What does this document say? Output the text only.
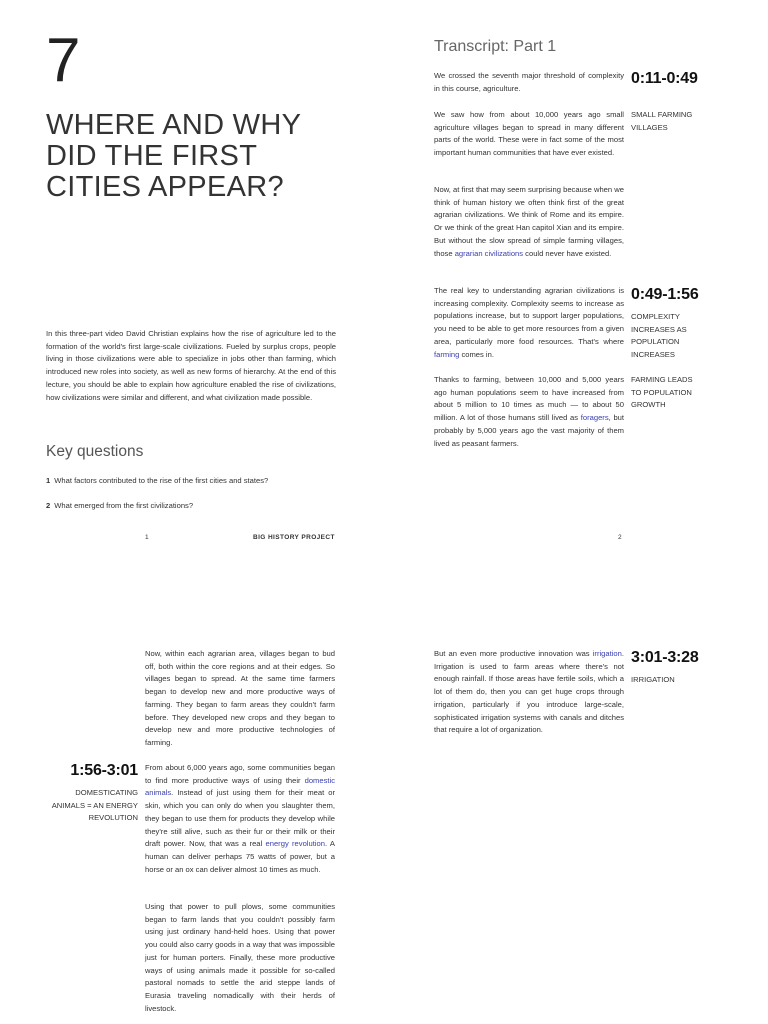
7
WHERE AND WHY
DID THE FIRST
CITIES APPEAR?
In this three-part video David Christian explains how the rise of agriculture led to the formation of the world's first large-scale civilizations. Fueled by surplus crops, people living in those civilizations were able to specialize in jobs other than farming, which introduced new roles into society, as well as new forms of hierarchy. At the end of this lecture, you should be able to explain how agriculture enabled the rise of civilizations, how civilizations were similar and different, and what civilization made possible.
Key questions
1 What factors contributed to the rise of the first cities and states?
2 What emerged from the first civilizations?
1	BIG HISTORY PROJECT
Transcript: Part 1
We crossed the seventh major threshold of complexity in this course, agriculture.
0:11-0:49
We saw how from about 10,000 years ago small agriculture villages began to spread in many different parts of the world. These were in fact some of the most important human communities that have ever existed.
SMALL FARMING
VILLAGES
Now, at first that may seem surprising because when we think of human history we often think first of the great agrarian civilizations. We think of Rome and its empire. Or we think of the great Han capitol Xian and its empire. But without the slow spread of simple farming villages, those agrarian civilizations could never have existed.
The real key to understanding agrarian civilizations is increasing complexity. Complexity seems to increase as populations increase, but to support larger populations, you need to be able to get more resources from a given area, particularly more food resources. That's where farming comes in.
0:49-1:56
COMPLEXITY
INCREASES AS
POPULATION
INCREASES
Thanks to farming, between 10,000 and 5,000 years ago human populations seem to have increased from about 5 million to 10 times as much — to about 50 million. A lot of those humans still lived as foragers, but probably by 5,000 years ago the vast majority of them lived as peasant farmers.
FARMING LEADS
TO POPULATION
GROWTH
2
Now, within each agrarian area, villages began to bud off, both within the core regions and at their edges. So villages began to spread. At the same time farmers began to develop new and more productive ways of farming. They began to farm areas they couldn't farm before. They developed new crops and they began to develop new and more productive technologies of farming.
1:56-3:01
DOMESTICATING
ANIMALS = AN ENERGY
REVOLUTION
From about 6,000 years ago, some communities began to find more productive ways of using their domestic animals. Instead of just using them for their meat or skin, which you can only do when you slaughter them, they began to use them for products they develop while they're still alive, such as their fur or their milk or their draft power. Now, that was a real energy revolution. A human can deliver perhaps 75 watts of power, but a horse or an ox can deliver almost 10 times as much.
Using that power to pull plows, some communities began to farm lands that you couldn't possibly farm using just ordinary hand-held hoes. Using that power you could also carry goods in a way that was impossible just for human porters. Finally, these more productive ways of using animals made it possible for so-called pastoral nomads to settle the arid steppe lands of Eurasia traveling nomadically with their herds of livestock.
But an even more productive innovation was irrigation. Irrigation is used to farm areas where there's not enough rainfall. If those areas have fertile soils, which a lot of them do, then you can get huge crops through irrigation, particularly if you introduce large-scale, sophisticated irrigation systems with canals and ditches that require a lot of organization.
3:01-3:28
IRRIGATION
